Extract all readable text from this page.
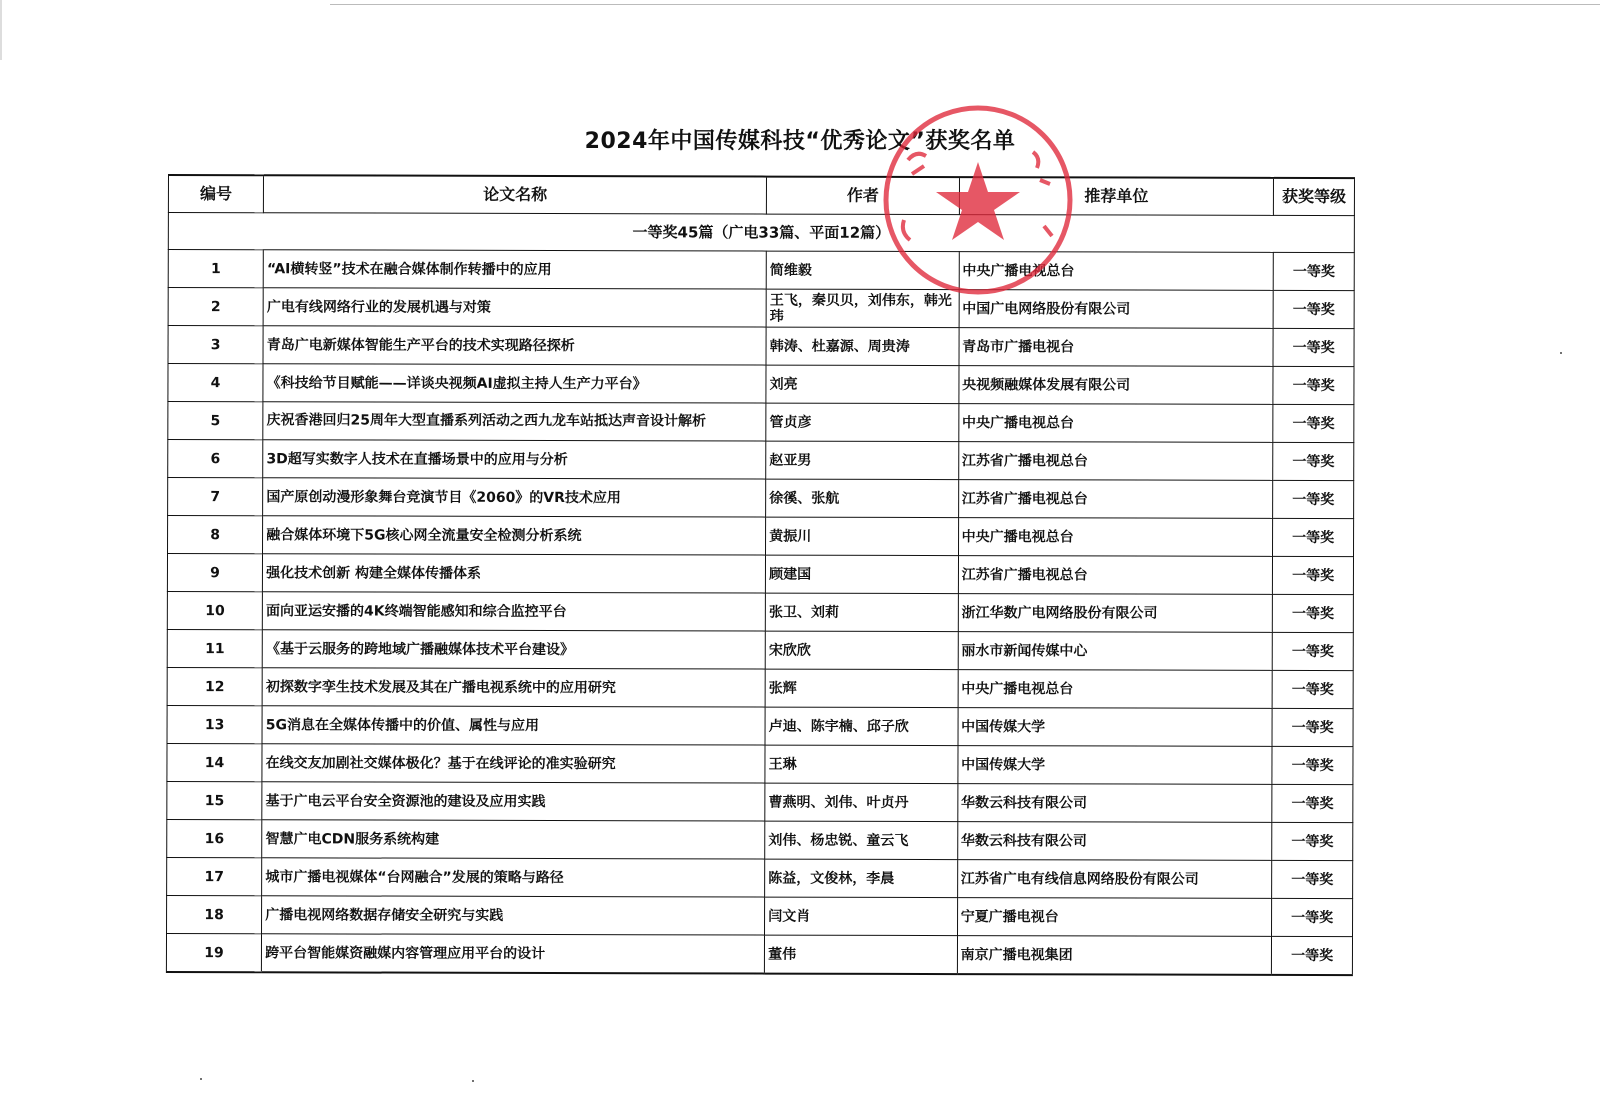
2024年中国传媒科技“优秀论文”获奖名单
编号	论文名称	作者	推荐单位	获奖等级
一等奖45篇（广电33篇、平面12篇）				
1	“AI横转竖”技术在融合媒体制作转播中的应用	简维毅	中央广播电视总台	一等奖
2	广电有线网络行业的发展机遇与对策	王飞，秦贝贝，刘伟东，韩光玮	中国广电网络股份有限公司	一等奖
3	青岛广电新媒体智能生产平台的技术实现路径探析	韩涛、杜嘉源、周贵涛	青岛市广播电视台	一等奖
4	《科技给节目赋能——详谈央视频AI虚拟主持人生产力平台》	刘亮	央视频融媒体发展有限公司	一等奖
5	庆祝香港回归25周年大型直播系列活动之西九龙车站抵达声音设计解析	管贞彦	中央广播电视总台	一等奖
6	3D超写实数字人技术在直播场景中的应用与分析	赵亚男	江苏省广播电视总台	一等奖
7	国产原创动漫形象舞台竞演节目《2060》的VR技术应用	徐徯、张航	江苏省广播电视总台	一等奖
8	融合媒体环境下5G核心网全流量安全检测分析系统	黄振川	中央广播电视总台	一等奖
9	强化技术创新 构建全媒体传播体系	顾建国	江苏省广播电视总台	一等奖
10	面向亚运安播的4K终端智能感知和综合监控平台	张卫、刘莉	浙江华数广电网络股份有限公司	一等奖
11	《基于云服务的跨地域广播融媒体技术平台建设》	宋欣欣	丽水市新闻传媒中心	一等奖
12	初探数字孪生技术发展及其在广播电视系统中的应用研究	张辉	中央广播电视总台	一等奖
13	5G消息在全媒体传播中的价值、属性与应用	卢迪、陈宇楠、邱子欣	中国传媒大学	一等奖
14	在线交友加剧社交媒体极化？基于在线评论的准实验研究	王琳	中国传媒大学	一等奖
15	基于广电云平台安全资源池的建设及应用实践	曹燕明、刘伟、叶贞丹	华数云科技有限公司	一等奖
16	智慧广电CDN服务系统构建	刘伟、杨忠锐、童云飞	华数云科技有限公司	一等奖
17	城市广播电视媒体“台网融合”发展的策略与路径	陈益，文俊林，李晨	江苏省广电有线信息网络股份有限公司	一等奖
18	广播电视网络数据存储安全研究与实践	闫文肖	宁夏广播电视台	一等奖
19	跨平台智能媒资融媒内容管理应用平台的设计	董伟	南京广播电视集团	一等奖
